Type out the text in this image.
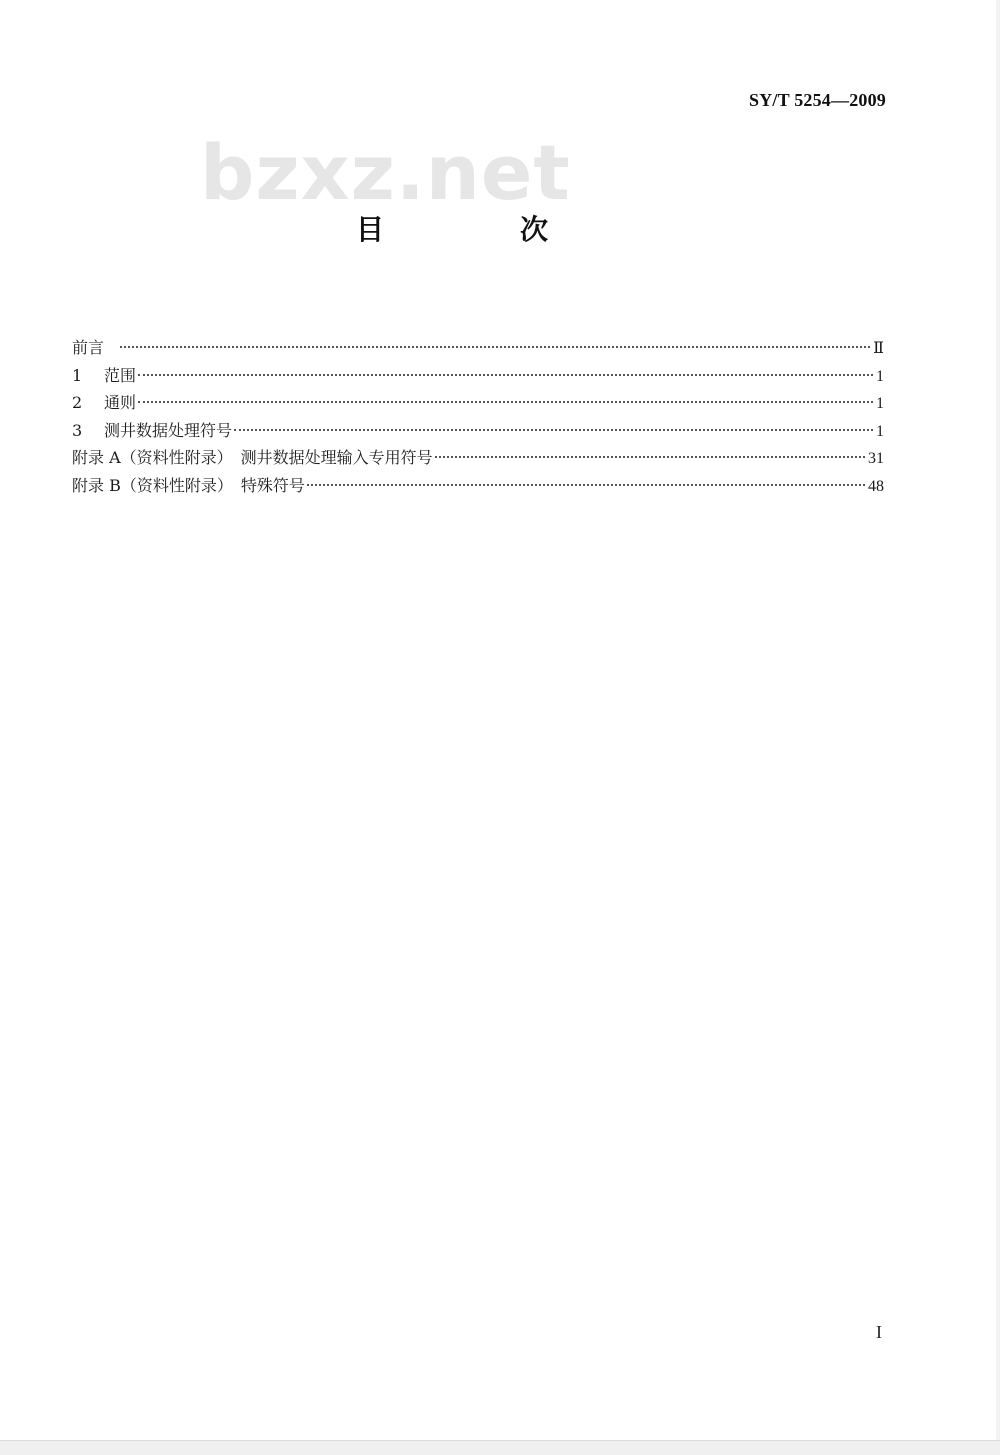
SY/T 5254—2009
bzxz.net
目　次
前言	Ⅱ
1	范围	1
2	通则	1
3	测井数据处理符号	1
附录 A（资料性附录）　测井数据处理输入专用符号	31
附录 B（资料性附录）　特殊符号	48
I
